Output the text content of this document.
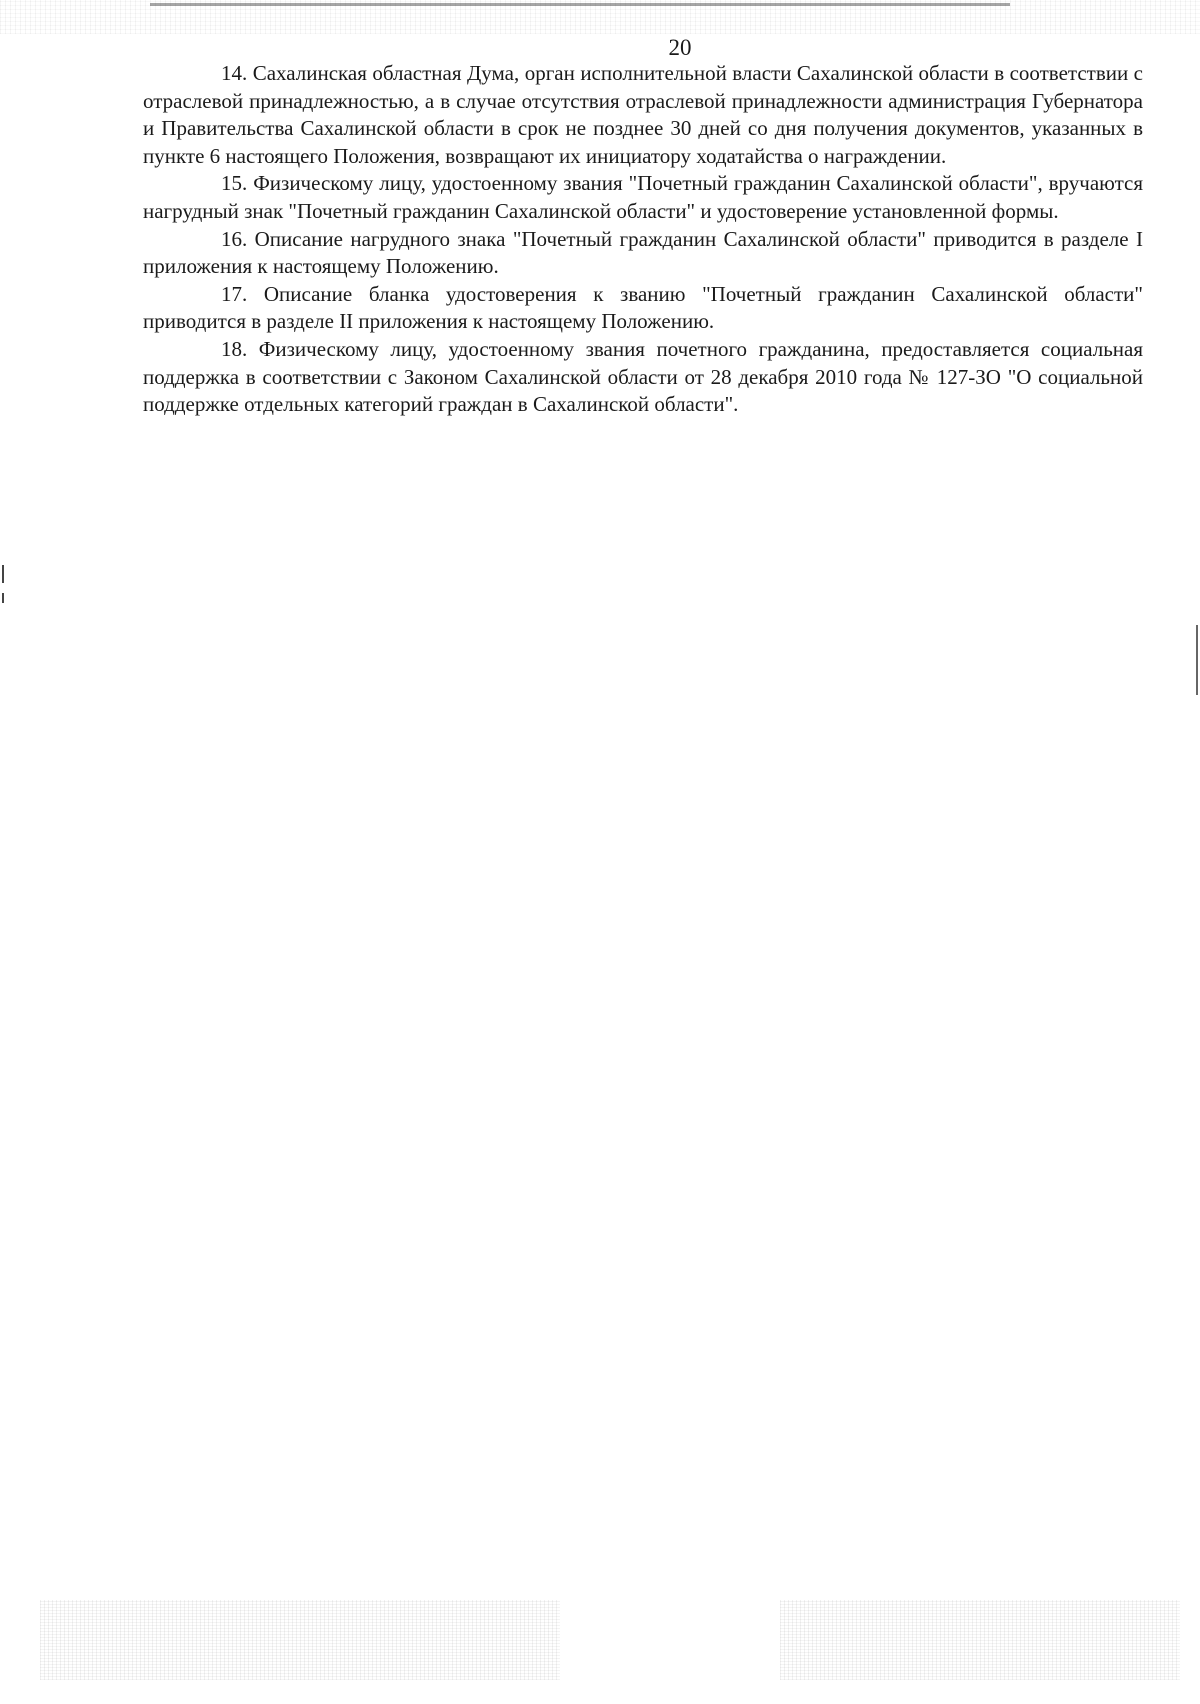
20

14. Сахалинская областная Дума, орган исполнительной власти Сахалинской области в соответствии с отраслевой принадлежностью, а в случае отсутствия отраслевой принадлежности администрация Губернатора и Правительства Сахалинской области в срок не позднее 30 дней со дня получения документов, указанных в пункте 6 настоящего Положения, возвращают их инициатору ходатайства о награждении.

15. Физическому лицу, удостоенному звания "Почетный гражданин Сахалинской области", вручаются нагрудный знак "Почетный гражданин Сахалинской области" и удостоверение установленной формы.

16. Описание нагрудного знака "Почетный гражданин Сахалинской области" приводится в разделе I приложения к настоящему Положению.

17. Описание бланка удостоверения к званию "Почетный гражданин Сахалинской области" приводится в разделе II приложения к настоящему Положению.

18. Физическому лицу, удостоенному звания почетного гражданина, предоставляется социальная поддержка в соответствии с Законом Сахалинской области от 28 декабря 2010 года № 127-ЗО "О социальной поддержке отдельных категорий граждан в Сахалинской области".
